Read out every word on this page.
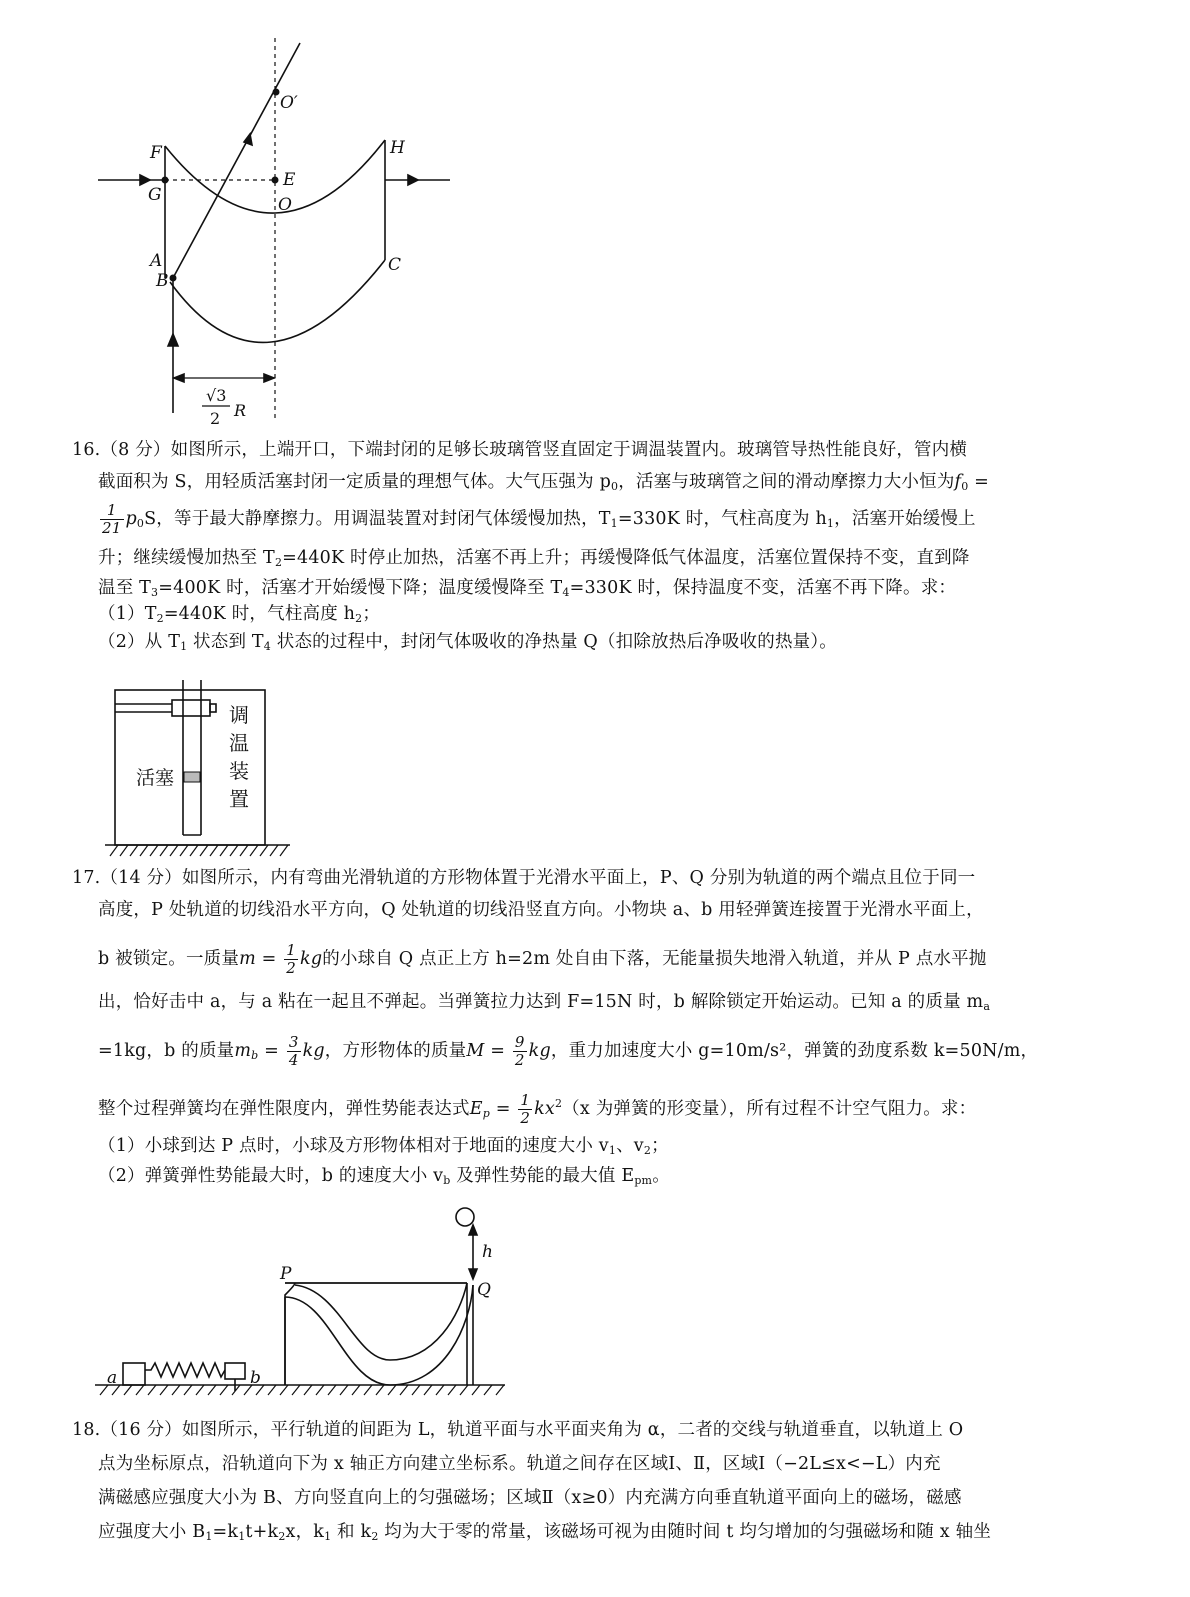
O′
F	H
G
E
O
A
B
C
√3
2 R
16.（8 分）如图所示，上端开口，下端封闭的足够长玻璃管竖直固定于调温装置内。玻璃管导热性能良好，管内横
截面积为 S，用轻质活塞封闭一定质量的理想气体。大气压强为 $p_0$，活塞与玻璃管之间的滑动摩擦力大小恒为$f_0$ =
$\frac{1}{21} p_0S$，等于最大静摩擦力。用调温装置对封闭气体缓慢加热，$T_1=330K$ 时，气柱高度为 $h_1$，活塞开始缓慢上
升；继续缓慢加热至 $T_2=440K$ 时停止加热，活塞不再上升；再缓慢降低气体温度，活塞位置保持不变，直到降
温至 $T_3=400K$ 时，活塞才开始缓慢下降；温度缓慢降至 $T_4=330K$ 时，保持温度不变，活塞不再下降。求：
$(1)T_2=440K$ 时，气柱高度 $h_2$；
（2）从 $T_1$ 状态到 $T_4$ 状态的过程中，封闭气体吸收的净热量 Q（扣除放热后净吸收的热量）。
活塞
调
温
装
置
17.（14 分）如图所示，内有弯曲光滑轨道的方形物体置于光滑水平面上，P、Q 分别为轨道的两个端点且位于同一
高度，P 处轨道的切线沿水平方向，Q 处轨道的切线沿竖直方向。小物块 a、b 用轻弹簧连接置于光滑水平面上，
b 被锁定。一质量$m = \frac{1}{2}$ kg的小球自 Q 点正上方 h=2m 处自由下落，无能量损失地滑入轨道，并从 P 点水平抛
出，恰好击中 a，与 a 粘在一起且不弹起。当弹簧拉力达到 F=15N 时，b 解除锁定开始运动。已知 a 的质量 $m_a$
=1kg，b 的质量$m_b = \frac{3}{4}$ kg，方形物体的质量$M = \frac{9}{2}$ kg，重力加速度大小 g=10m/s²，弹簧的劲度系数 k=50N/m，
整个过程弹簧均在弹性限度内，弹性势能表达式$E_p = \frac{1}{2} kx^2(x$ 为弹簧的形变量），所有过程不计空气阻力。求：
（1）小球到达 P 点时，小球及方形物体相对于地面的速度大小 $v_1$、$v_2$；
（2）弹簧弹性势能最大时，b 的速度大小 $v_b$ 及弹性势能的最大值 $E_{pm}$。
h
P
Q
a	b
18.（16 分）如图所示，平行轨道的间距为 L，轨道平面与水平面夹角为 α，二者的交线与轨道垂直，以轨道上 O
点为坐标原点，沿轨道向下为 x 轴正方向建立坐标系。轨道之间存在区域Ⅰ、Ⅱ，区域Ⅰ（−2L≤x<−L）内充
满磁感应强度大小为 B、方向竖直向上的匀强磁场；区域Ⅱ（x≥0）内充满方向垂直轨道平面向上的磁场，磁感
应强度大小 $B_1=k_1t+k_2x$，$k_1$ 和 $k_2$ 均为大于零的常量，该磁场可视为由随时间 t 均匀增加的匀强磁场和随 x 轴坐
